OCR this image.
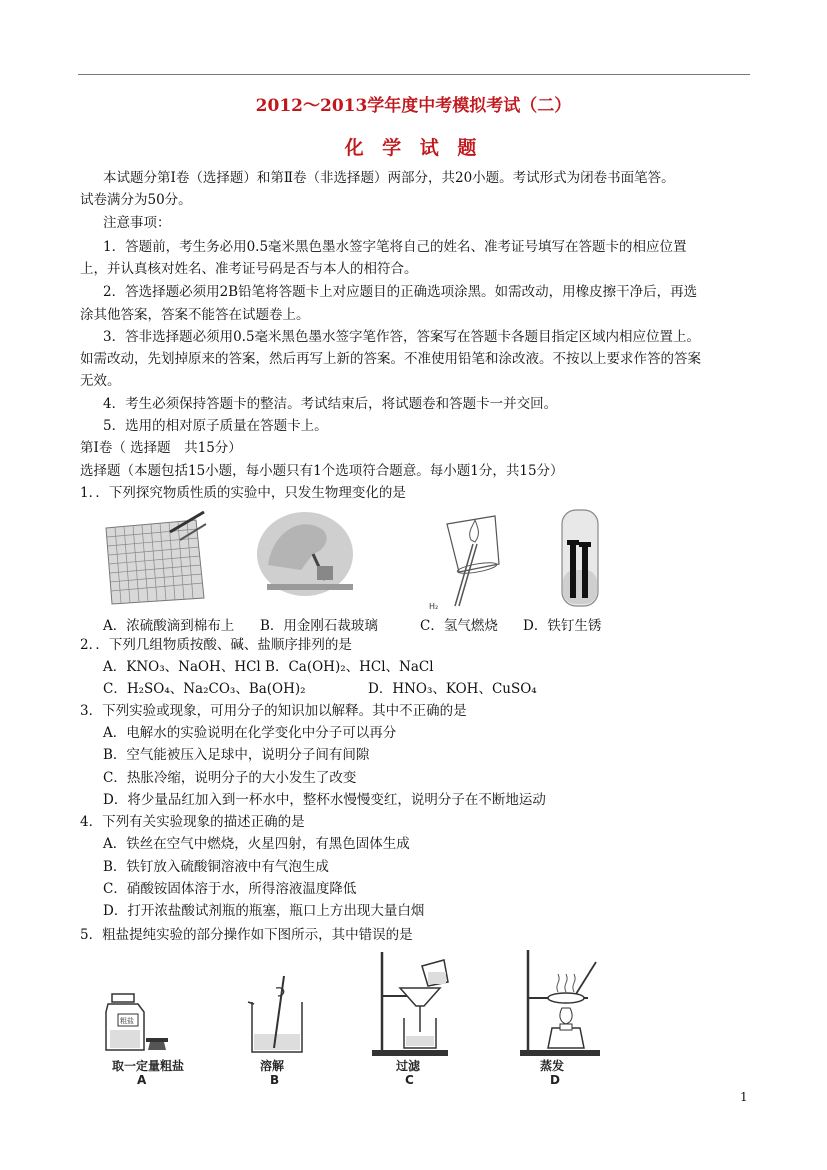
2012～2013学年度中考模拟考试（二）
化 学 试 题
本试题分第Ⅰ卷（选择题）和第Ⅱ卷（非选择题）两部分，共20小题。考试形式为闭卷书面笔答。
试卷满分为50分。
注意事项：
1．答题前，考生务必用0.5毫米黑色墨水签字笔将自己的姓名、准考证号填写在答题卡的相应位置
上，并认真核对姓名、准考证号码是否与本人的相符合。
2．答选择题必须用2B铅笔将答题卡上对应题目的正确选项涂黑。如需改动，用橡皮擦干净后，再选
涂其他答案，答案不能答在试题卷上。
3．答非选择题必须用0.5毫米黑色墨水签字笔作答，答案写在答题卡各题目指定区域内相应位置上。
如需改动，先划掉原来的答案，然后再写上新的答案。不准使用铅笔和涂改液。不按以上要求作答的答案
无效。
4．考生必须保持答题卡的整洁。考试结束后，将试题卷和答题卡一并交回。
5．选用的相对原子质量在答题卡上。
第Ⅰ卷（ 选择题　共15分）
选择题（本题包括15小题，每小题只有1个选项符合题意。每小题1分，共15分）
1．．下列探究物质性质的实验中，只发生物理变化的是
H₂
A．浓硫酸滴到棉布上 B．用金刚石裁玻璃	C．氢气燃烧 D．铁钉生锈
2．．下列几组物质按酸、碱、盐顺序排列的是
A．KNO₃、NaOH、HCl B．Ca(OH)₂、HCl、NaCl
C．H₂SO₄、Na₂CO₃、Ba(OH)₂	D．HNO₃、KOH、CuSO₄
3．下列实验或现象，可用分子的知识加以解释。其中不正确的是
A．电解水的实验说明在化学变化中分子可以再分
B．空气能被压入足球中，说明分子间有间隙
C．热胀冷缩，说明分子的大小发生了改变
D．将少量品红加入到一杯水中，整杯水慢慢变红，说明分子在不断地运动
4．下列有关实验现象的描述正确的是
A．铁丝在空气中燃烧，火星四射，有黑色固体生成
B．铁钉放入硫酸铜溶液中有气泡生成
C．硝酸铵固体溶于水，所得溶液温度降低
D．打开浓盐酸试剂瓶的瓶塞，瓶口上方出现大量白烟
5．粗盐提纯实验的部分操作如下图所示，其中错误的是
粗盐
取一定量粗盐
A
溶解
B
过滤
C
蒸发
D
1
